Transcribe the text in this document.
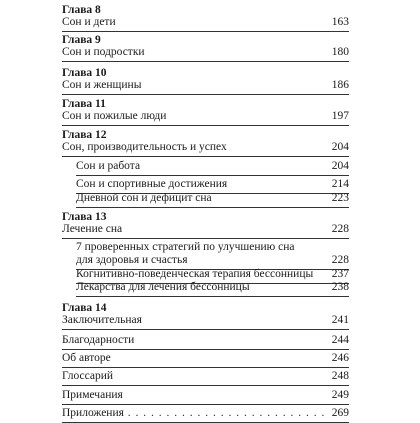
Глава 8
Сон и дети	163
Глава 9
Сон и подростки	180
Глава 10
Сон и женщины	186
Глава 11
Сон и пожилые люди	197
Глава 12
Сон, производительность и успех	204
Сон и работа	204
Сон и спортивные достижения	214
Дневной сон и дефицит сна	223
Глава 13
Лечение сна	228
7 проверенных стратегий по улучшению сна
для здоровья и счастья	228
Когнитивно-поведенческая терапия бессонницы	237
Лекарства для лечения бессонницы	238
Глава 14
Заключительная	241
Благодарности	244
Об авторе	246
Глоссарий	248
Примечания	249
Приложения . . .	269
